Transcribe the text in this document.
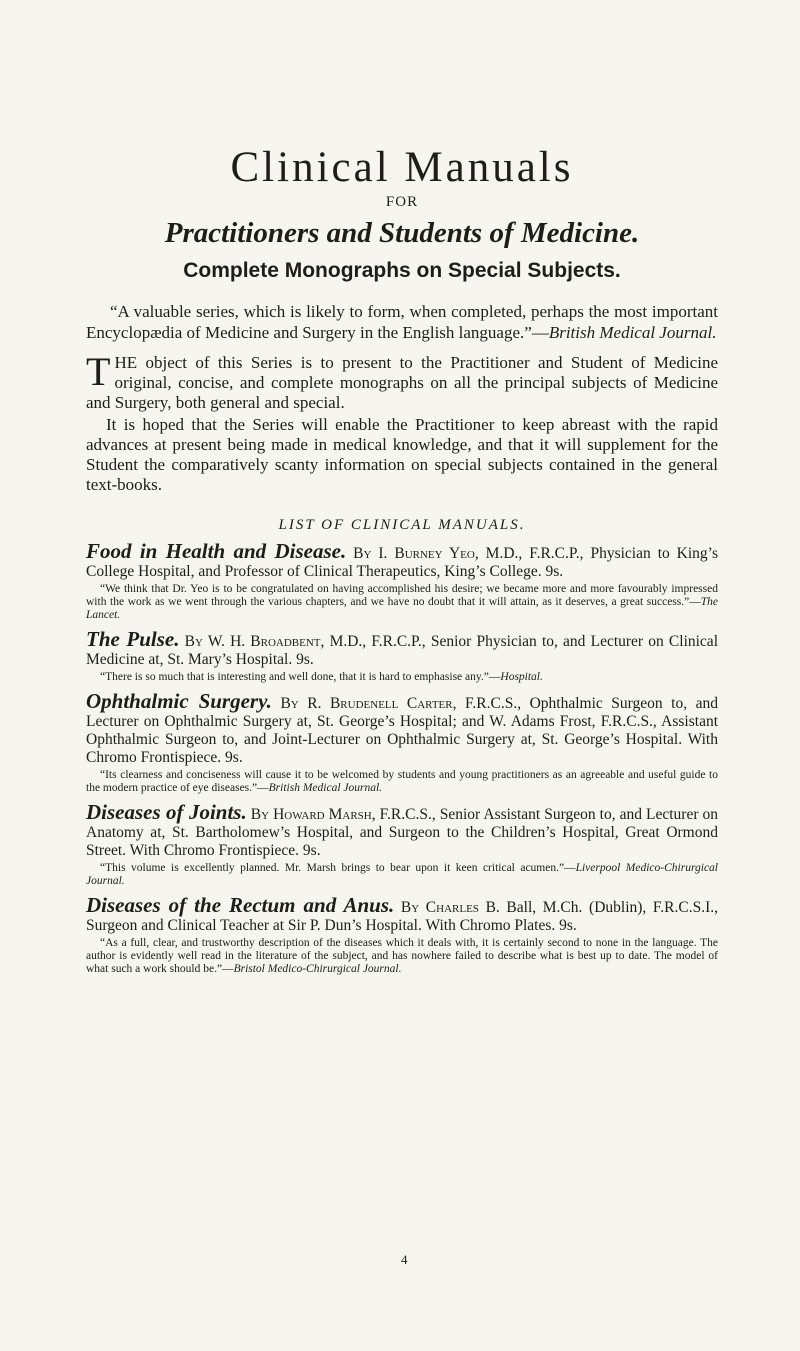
Clinical Manuals

FOR

Practitioners and Students of Medicine.

Complete Monographs on Special Subjects.

“A valuable series, which is likely to form, when completed, perhaps the most important Encyclopædia of Medicine and Surgery in the English language.”—British Medical Journal.

THE object of this Series is to present to the Practitioner and Student of Medicine original, concise, and complete monographs on all the principal subjects of Medicine and Surgery, both general and special.

It is hoped that the Series will enable the Practitioner to keep abreast with the rapid advances at present being made in medical knowledge, and that it will supplement for the Student the comparatively scanty information on special subjects contained in the general text-books.

LIST OF CLINICAL MANUALS.

Food in Health and Disease. By I. Burney Yeo, M.D., F.R.C.P., Physician to King’s College Hospital, and Professor of Clinical Therapeutics, King’s College. 9s.

“We think that Dr. Yeo is to be congratulated on having accomplished his desire; we became more and more favourably impressed with the work as we went through the various chapters, and we have no doubt that it will attain, as it deserves, a great success.”—The Lancet.

The Pulse. By W. H. Broadbent, M.D., F.R.C.P., Senior Physician to, and Lecturer on Clinical Medicine at, St. Mary’s Hospital. 9s.

“There is so much that is interesting and well done, that it is hard to emphasise any.”—Hospital.

Ophthalmic Surgery. By R. Brudenell Carter, F.R.C.S., Ophthalmic Surgeon to, and Lecturer on Ophthalmic Surgery at, St. George’s Hospital; and W. Adams Frost, F.R.C.S., Assistant Ophthalmic Surgeon to, and Joint-Lecturer on Ophthalmic Surgery at, St. George’s Hospital. With Chromo Frontispiece. 9s.

“Its clearness and conciseness will cause it to be welcomed by students and young practitioners as an agreeable and useful guide to the modern practice of eye diseases.”—British Medical Journal.

Diseases of Joints. By Howard Marsh, F.R.C.S., Senior Assistant Surgeon to, and Lecturer on Anatomy at, St. Bartholomew’s Hospital, and Surgeon to the Children’s Hospital, Great Ormond Street. With Chromo Frontispiece. 9s.

“This volume is excellently planned. Mr. Marsh brings to bear upon it keen critical acumen.”—Liverpool Medico-Chirurgical Journal.

Diseases of the Rectum and Anus. By Charles B. Ball, M.Ch. (Dublin), F.R.C.S.I., Surgeon and Clinical Teacher at Sir P. Dun’s Hospital. With Chromo Plates. 9s.

“As a full, clear, and trustworthy description of the diseases which it deals with, it is certainly second to none in the language. The author is evidently well read in the literature of the subject, and has nowhere failed to describe what is best up to date. The model of what such a work should be.”—Bristol Medico-Chirurgical Journal.

4
